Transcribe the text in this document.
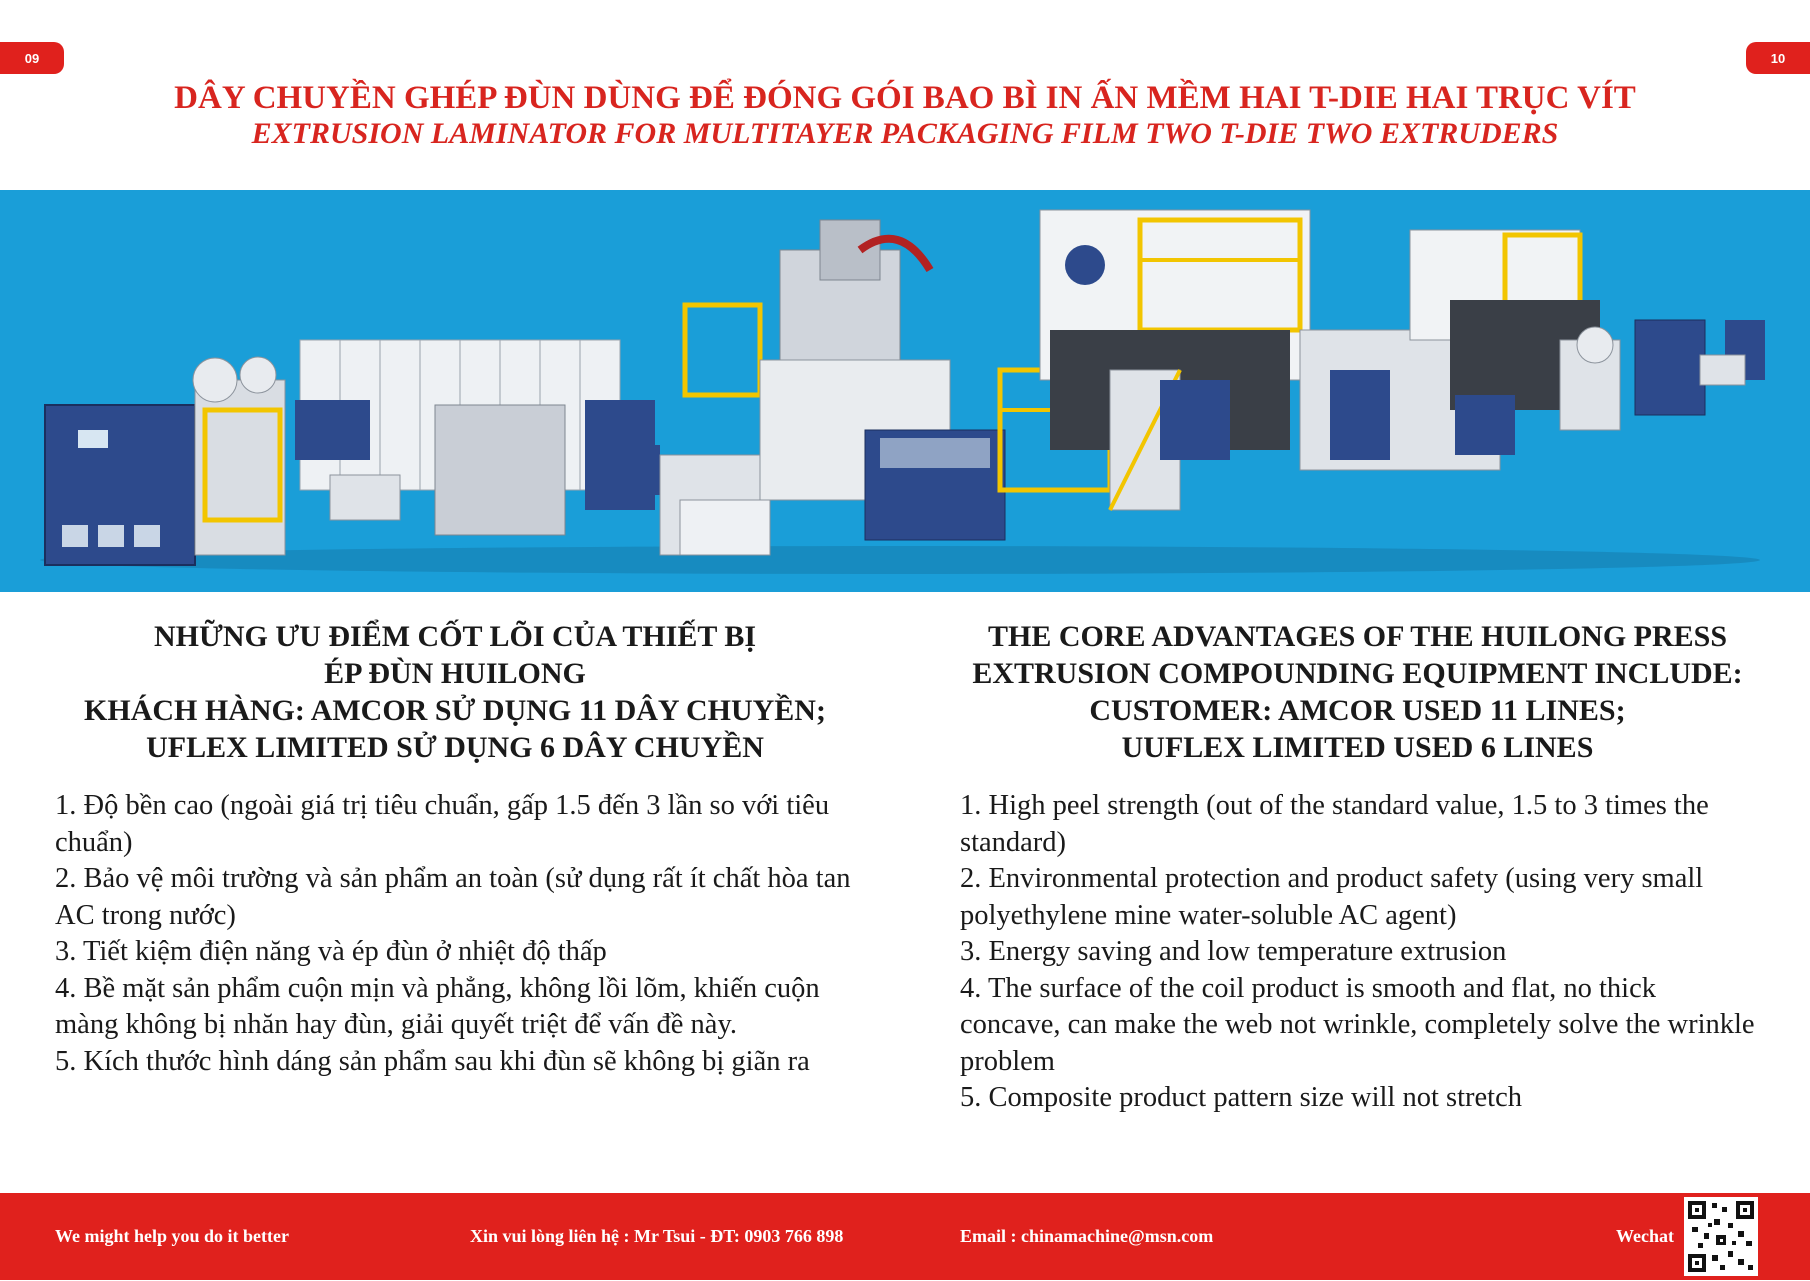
09	10
DÂY CHUYỀN GHÉP ĐÙN DÙNG ĐỂ ĐÓNG GÓI BAO BÌ IN ẤN MỀM HAI T-DIE HAI TRỤC VÍT
EXTRUSION LAMINATOR FOR MULTITAYER PACKAGING FILM TWO T-DIE TWO EXTRUDERS
NHỮNG ƯU ĐIỂM CỐT LÕI CỦA THIẾT BỊ
ÉP ĐÙN HUILONG
KHÁCH HÀNG: AMCOR SỬ DỤNG 11 DÂY CHUYỀN;
UFLEX LIMITED SỬ DỤNG 6 DÂY CHUYỀN
THE CORE ADVANTAGES OF THE HUILONG PRESS
EXTRUSION COMPOUNDING EQUIPMENT INCLUDE:
CUSTOMER: AMCOR USED 11 LINES;
UUFLEX LIMITED USED 6 LINES
1. Độ bền cao (ngoài giá trị tiêu chuẩn, gấp 1.5 đến 3 lần so với tiêu chuẩn)
2. Bảo vệ môi trường và sản phẩm an toàn (sử dụng rất ít chất hòa tan AC trong nước)
3. Tiết kiệm điện năng và ép đùn ở nhiệt độ thấp
4. Bề mặt sản phẩm cuộn mịn và phẳng, không lồi lõm, khiến cuộn màng không bị nhăn hay đùn, giải quyết triệt để vấn đề này.
5. Kích thước hình dáng sản phẩm sau khi đùn sẽ không bị giãn ra
1. High peel strength (out of the standard value, 1.5 to 3 times the standard)
2. Environmental protection and product safety (using very small polyethylene mine water-soluble AC agent)
3. Energy saving and low temperature extrusion
4. The surface of the coil product is smooth and flat, no thick concave, can make the web not wrinkle, completely solve the wrinkle problem
5. Composite product pattern size will not stretch
We might help you do it better	Xin vui lòng liên hệ : Mr Tsui - ĐT: 0903 766 898	Email : chinamachine@msn.com	Wechat
